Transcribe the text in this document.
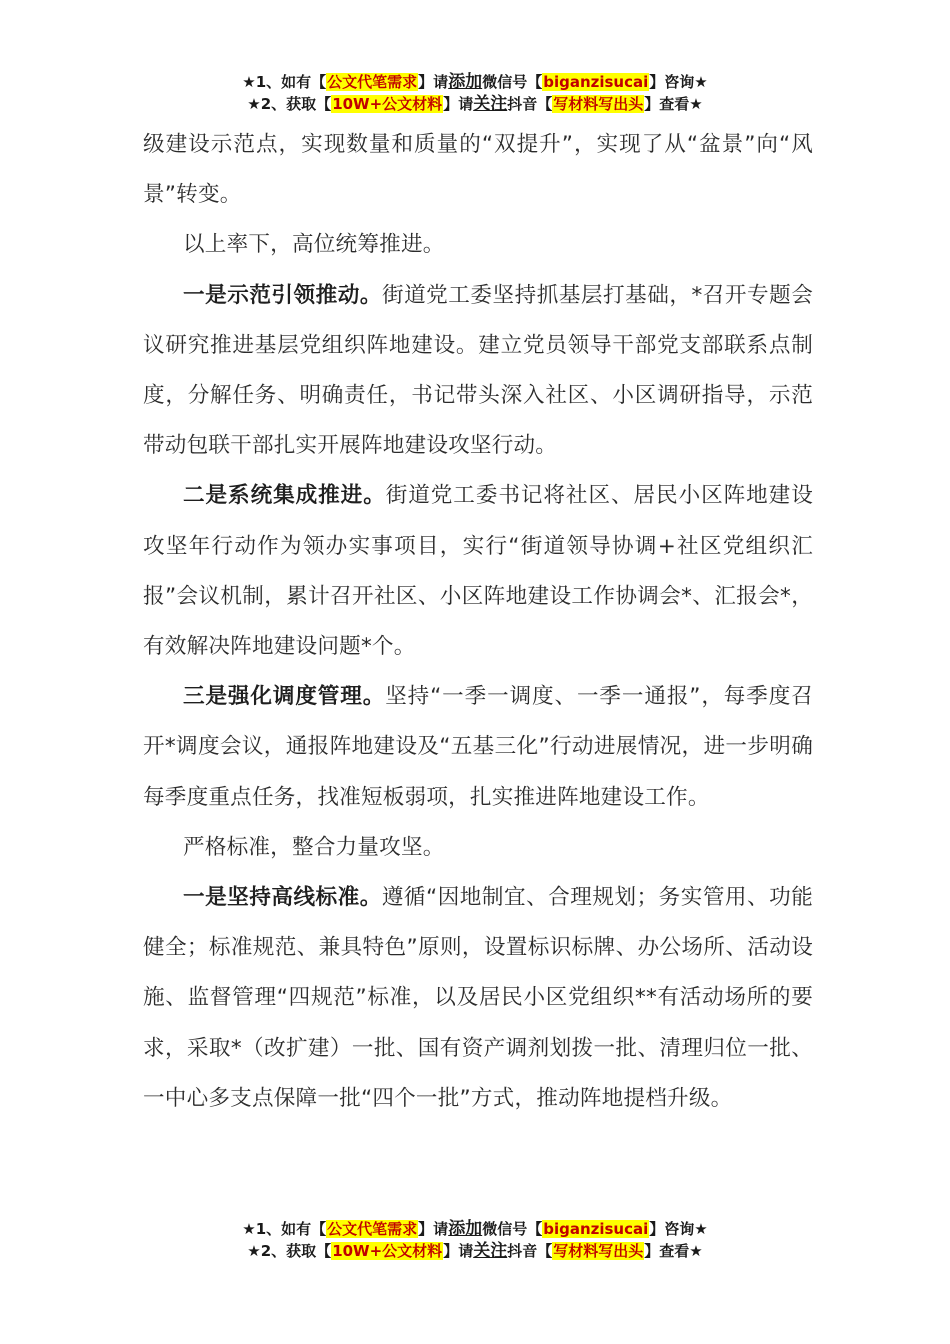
★1、如有【公文代笔需求】请添加微信号【biganzisucai】咨询★
★2、获取【10W+公文材料】请关注抖音【写材料写出头】查看★

级建设示范点，实现数量和质量的“双提升”，实现了从“盆景”向“风景”转变。

以上率下，高位统筹推进。

一是示范引领推动。街道党工委坚持抓基层打基础，*召开专题会议研究推进基层党组织阵地建设。建立党员领导干部党支部联系点制度，分解任务、明确责任，书记带头深入社区、小区调研指导，示范带动包联干部扎实开展阵地建设攻坚行动。

二是系统集成推进。街道党工委书记将社区、居民小区阵地建设攻坚年行动作为领办实事项目，实行“街道领导协调+社区党组织汇报”会议机制，累计召开社区、小区阵地建设工作协调会*、汇报会*，有效解决阵地建设问题*个。

三是强化调度管理。坚持“一季一调度、一季一通报”，每季度召开*调度会议，通报阵地建设及“五基三化”行动进展情况，进一步明确每季度重点任务，找准短板弱项，扎实推进阵地建设工作。

严格标准，整合力量攻坚。

一是坚持高线标准。遵循“因地制宜、合理规划；务实管用、功能健全；标准规范、兼具特色”原则，设置标识标牌、办公场所、活动设施、监督管理“四规范”标准，以及居民小区党组织**有活动场所的要求，采取*（改扩建）一批、国有资产调剂划拨一批、清理归位一批、一中心多支点保障一批“四个一批”方式，推动阵地提档升级。

★1、如有【公文代笔需求】请添加微信号【biganzisucai】咨询★
★2、获取【10W+公文材料】请关注抖音【写材料写出头】查看★
